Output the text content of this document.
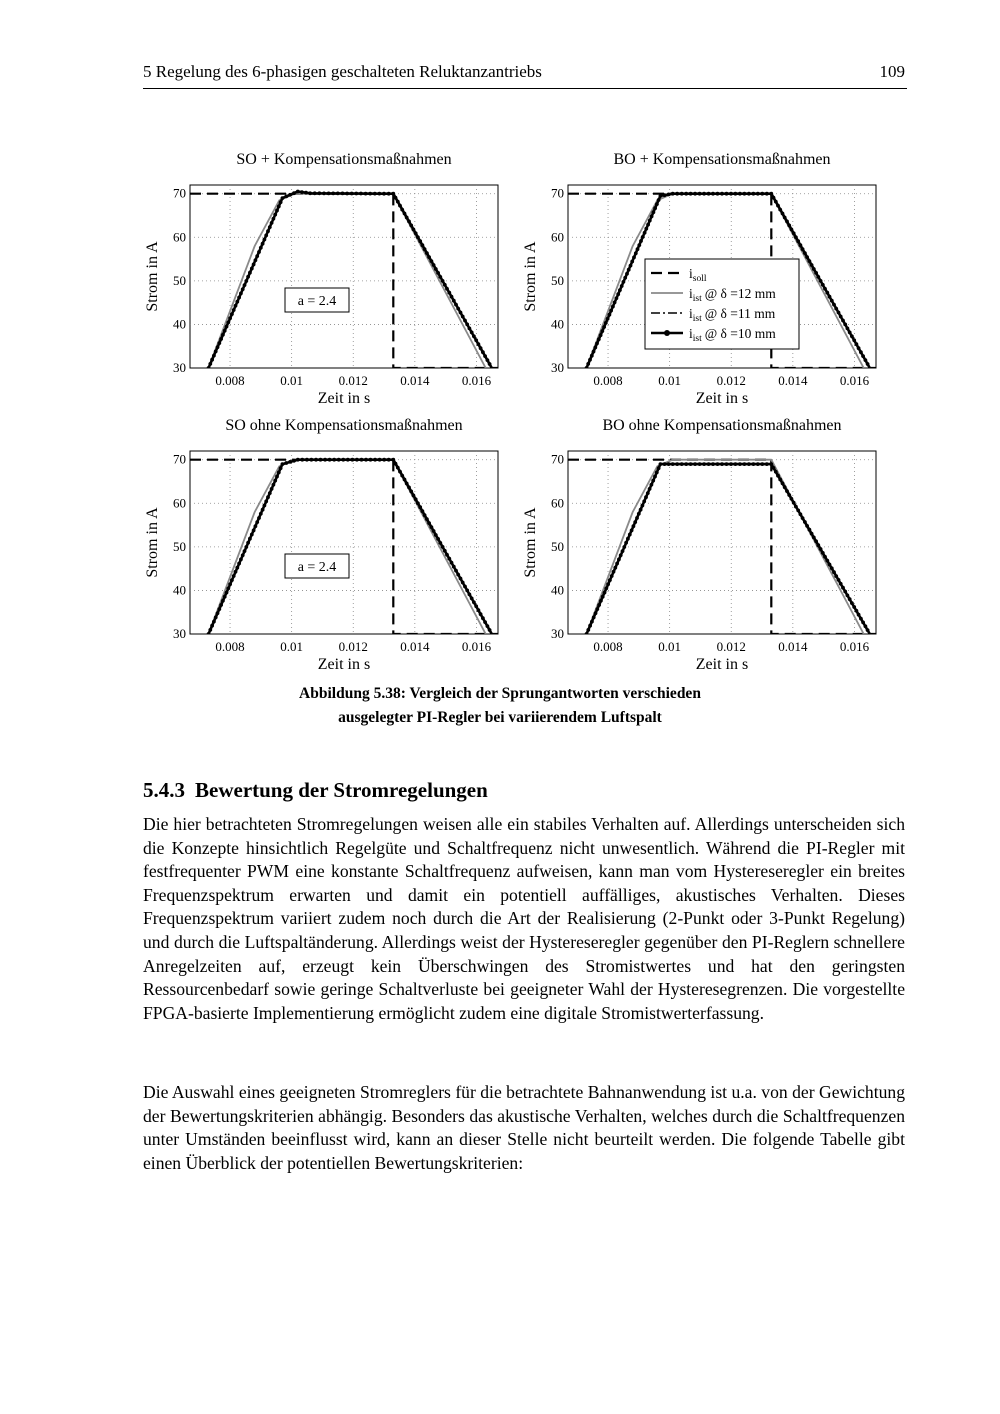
5 Regelung des 6-phasigen geschalteten Reluktanzantriebs	109
0.008	0.01	0.012 0.014 0.016
30
40
50
60
70
SO + Kompensationsmaßnahmen
Zeit in s
Strom in A	a = 2.4
0.008	0.01	0.012 0.014 0.016
30
40
50
60
70
BO + Kompensationsmaßnahmen
Zeit in s
Strom in A	$i_{soll}$
$i_{ist}$ @ δ =12 mm
$i_{ist}$ @ δ =11 mm
$i_{ist}$ @ δ =10 mm
0.008	0.01	0.012 0.014 0.016
30
40
50
60
70
SO ohne Kompensationsmaßnahmen
Zeit in s
Strom in A	a = 2.4
0.008	0.01	0.012 0.014 0.016
30
40
50
60
70
BO ohne Kompensationsmaßnahmen
Zeit in s
Strom in A
Abbildung 5.38: Vergleich der Sprungantworten verschieden
ausgelegter PI-Regler bei variierendem Luftspalt
5.4.3 Bewertung der Stromregelungen

Die hier betrachteten Stromregelungen weisen alle ein stabiles Verhalten auf. Allerdings unterscheiden sich die Konzepte hinsichtlich Regelgüte und Schaltfrequenz nicht unwesentlich. Während die PI-Regler mit festfrequenter PWM eine konstante Schaltfrequenz aufweisen, kann man vom Hystereseregler ein breites Frequenzspektrum erwarten und damit ein potentiell auffälliges, akustisches Verhalten. Dieses Frequenzspektrum variiert zudem noch durch die Art der Realisierung (2-Punkt oder 3-Punkt Regelung) und durch die Luftspaltänderung. Allerdings weist der Hystereseregler gegenüber den PI-Reglern schnellere Anregelzeiten auf, erzeugt kein Überschwingen des Stromistwertes und hat den geringsten Ressourcenbedarf sowie geringe Schaltverluste bei geeigneter Wahl der Hysteresegrenzen. Die vorgestellte FPGA-basierte Implementierung ermöglicht zudem eine digitale Stromistwerterfassung.

Die Auswahl eines geeigneten Stromreglers für die betrachtete Bahnanwendung ist u.a. von der Gewichtung der Bewertungskriterien abhängig. Besonders das akustische Verhalten, welches durch die Schaltfrequenzen unter Umständen beeinflusst wird, kann an dieser Stelle nicht beurteilt werden. Die folgende Tabelle gibt einen Überblick der potentiellen Bewertungskriterien:
